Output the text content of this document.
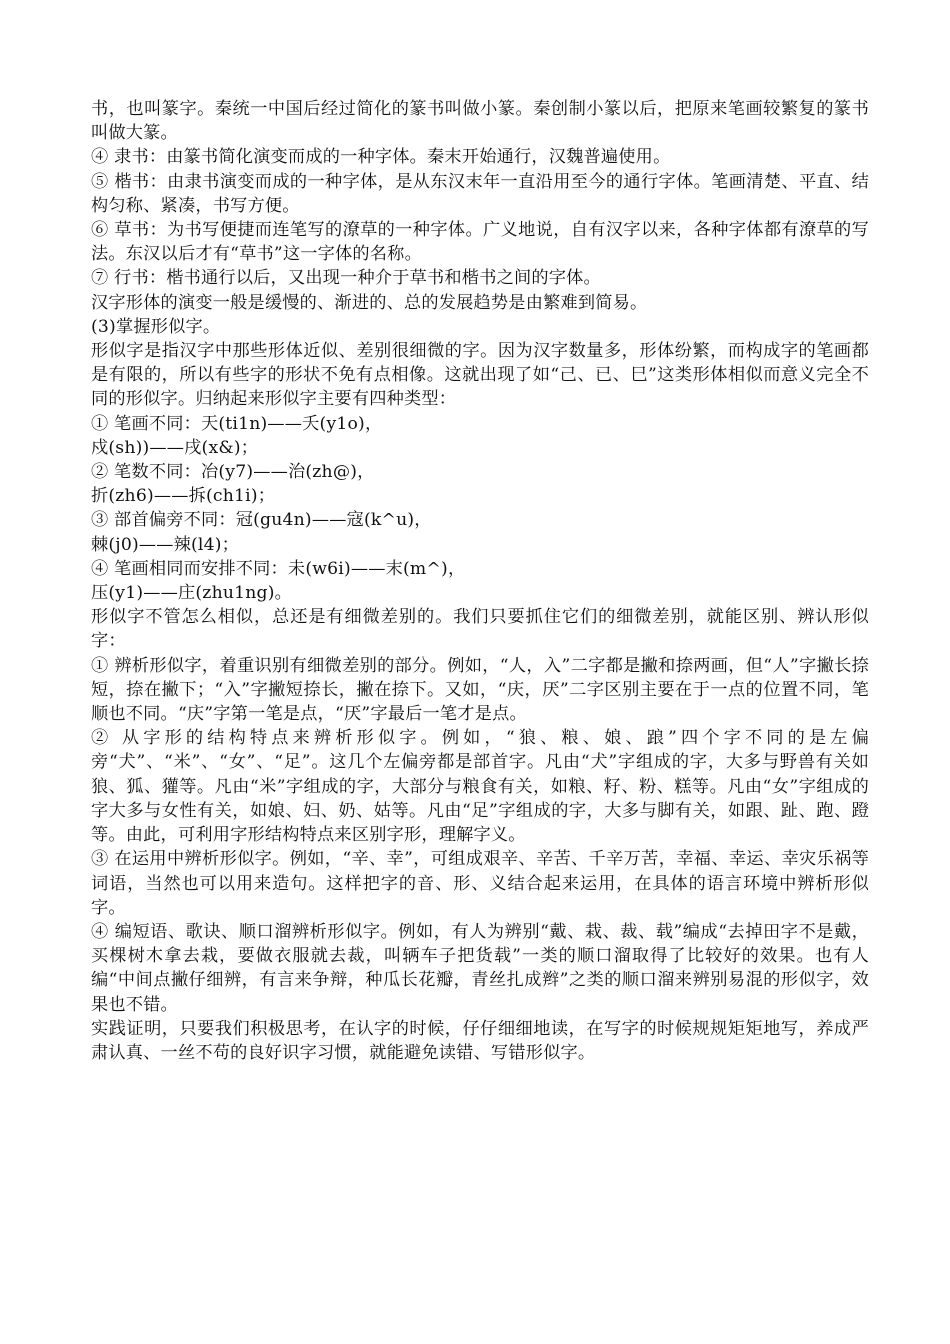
书，也叫篆字。秦统一中国后经过简化的篆书叫做小篆。秦创制小篆以后，把原来笔画较繁复的篆书叫做大篆。

④ 隶书：由篆书简化演变而成的一种字体。秦末开始通行，汉魏普遍使用。

⑤ 楷书：由隶书演变而成的一种字体，是从东汉末年一直沿用至今的通行字体。笔画清楚、平直、结构匀称、紧凑，书写方便。

⑥ 草书：为书写便捷而连笔写的潦草的一种字体。广义地说，自有汉字以来，各种字体都有潦草的写法。东汉以后才有“草书”这一字体的名称。

⑦ 行书：楷书通行以后，又出现一种介于草书和楷书之间的字体。

汉字形体的演变一般是缓慢的、渐进的、总的发展趋势是由繁难到简易。

(3)掌握形似字。

形似字是指汉字中那些形体近似、差别很细微的字。因为汉字数量多，形体纷繁，而构成字的笔画都是有限的，所以有些字的形状不免有点相像。这就出现了如“己、已、巳”这类形体相似而意义完全不同的形似字。归纳起来形似字主要有四种类型：

① 笔画不同：天(ti1n)——夭(y1o)，

戍(sh))——戌(x&)；

② 笔数不同：冶(y7)——治(zh@)，

折(zh6)——拆(ch1i)；

③ 部首偏旁不同：冠(gu4n)——寇(k^u)，

棘(j0)——辣(l4)；

④ 笔画相同而安排不同：未(w6i)——末(m^)，

压(y1)——庄(zhu1ng)。

形似字不管怎么相似，总还是有细微差别的。我们只要抓住它们的细微差别，就能区别、辨认形似字：

① 辨析形似字，着重识别有细微差别的部分。例如，“人，入”二字都是撇和捺两画，但“人”字撇长捺短，捺在撇下；“入”字撇短捺长，撇在捺下。又如，“庆，厌”二字区别主要在于一点的位置不同，笔顺也不同。“庆”字第一笔是点，“厌”字最后一笔才是点。

② 从字形的结构特点来辨析形似字。例如，“狼、粮、娘、踉”四个字不同的是左偏旁“犬”、“米”、“女”、“足”。这几个左偏旁都是部首字。凡由“犬”字组成的字，大多与野兽有关如狼、狐、獾等。凡由“米”字组成的字，大部分与粮食有关，如粮、籽、粉、糕等。凡由“女”字组成的字大多与女性有关，如娘、妇、奶、姑等。凡由“足”字组成的字，大多与脚有关，如跟、趾、跑、蹬等。由此，可利用字形结构特点来区别字形，理解字义。

③ 在运用中辨析形似字。例如，“辛、幸”，可组成艰辛、辛苦、千辛万苦，幸福、幸运、幸灾乐祸等词语，当然也可以用来造句。这样把字的音、形、义结合起来运用，在具体的语言环境中辨析形似字。

④ 编短语、歌诀、顺口溜辨析形似字。例如，有人为辨别“戴、栽、裁、载”编成“去掉田字不是戴，买棵树木拿去栽，要做衣服就去裁，叫辆车子把货载”一类的顺口溜取得了比较好的效果。也有人编“中间点撇仔细辨，有言来争辩，种瓜长花瓣，青丝扎成辫”之类的顺口溜来辨别易混的形似字，效果也不错。

实践证明，只要我们积极思考，在认字的时候，仔仔细细地读，在写字的时候规规矩矩地写，养成严肃认真、一丝不苟的良好识字习惯，就能避免读错、写错形似字。
